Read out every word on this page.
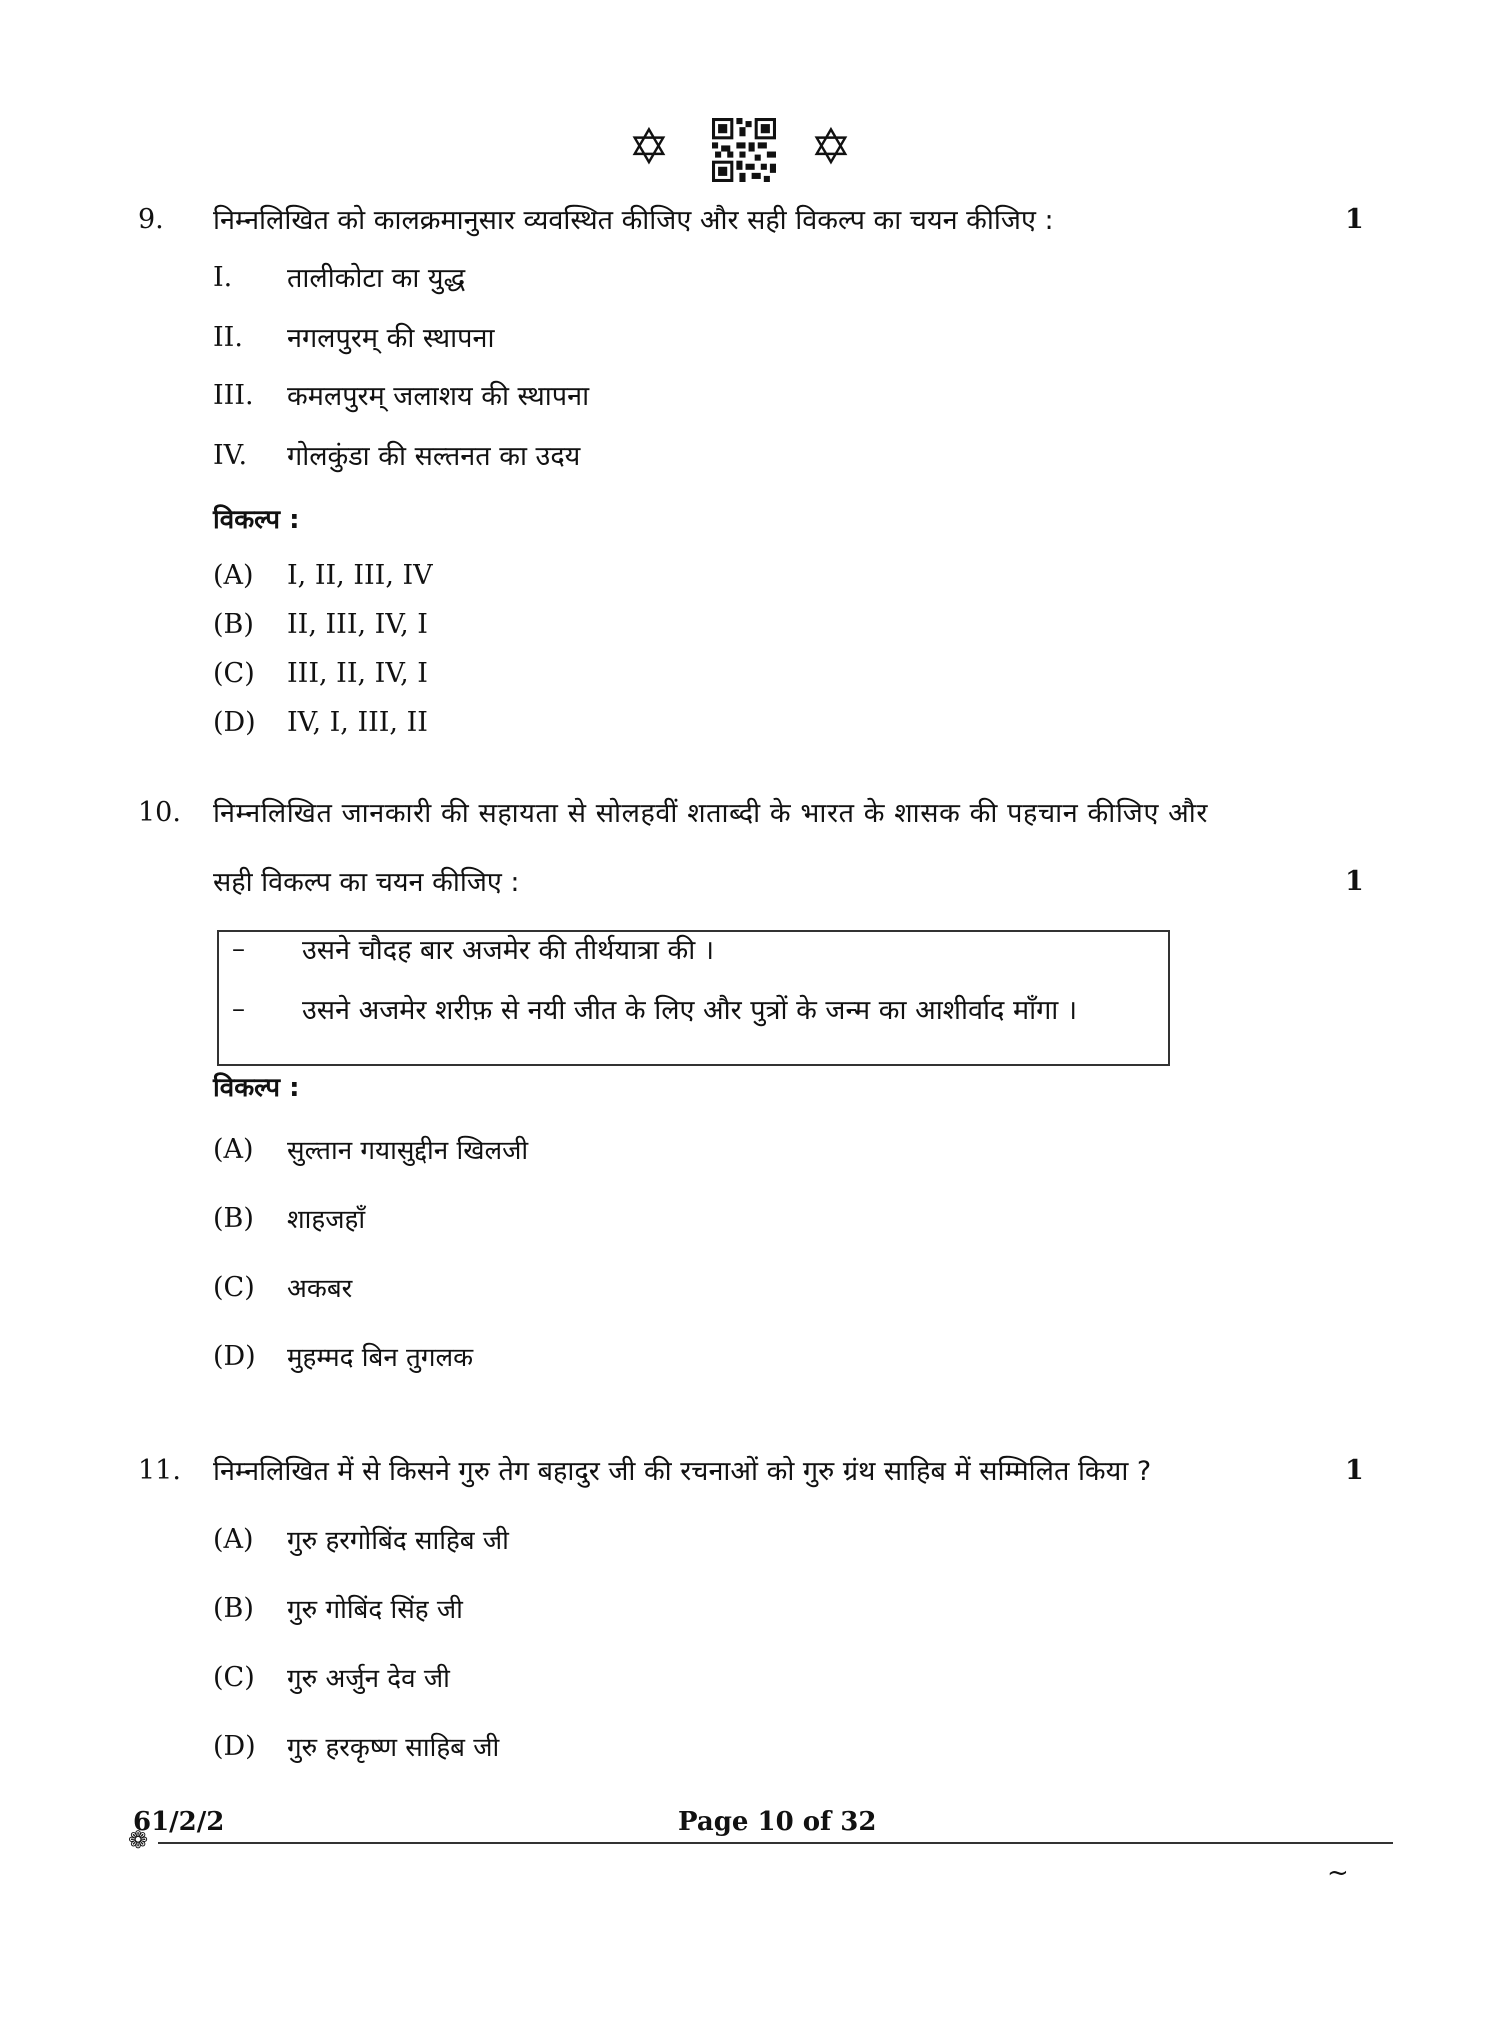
✡	✡
9. निम्नलिखित को कालक्रमानुसार व्यवस्थित कीजिए और सही विकल्प का चयन कीजिए :	1
I. तालीकोटा का युद्ध
II. नगलपुरम् की स्थापना
III. कमलपुरम् जलाशय की स्थापना
IV. गोलकुंडा की सल्तनत का उदय
विकल्प :
(A) I, II, III, IV
(B) II, III, IV, I
(C) III, II, IV, I
(D) IV, I, III, II
10. निम्नलिखित जानकारी की सहायता से सोलहवीं शताब्दी के भारत के शासक की पहचान कीजिए और
सही विकल्प का चयन कीजिए :	1
– उसने चौदह बार अजमेर की तीर्थयात्रा की ।
– उसने अजमेर शरीफ़ से नयी जीत के लिए और पुत्रों के जन्म का आशीर्वाद माँगा ।
विकल्प :
(A) सुल्तान गयासुद्दीन खिलजी
(B) शाहजहाँ
(C) अकबर
(D) मुहम्मद बिन तुगलक
11. निम्नलिखित में से किसने गुरु तेग बहादुर जी की रचनाओं को गुरु ग्रंथ साहिब में सम्मिलित किया ?	1
(A) गुरु हरगोबिंद साहिब जी
(B) गुरु गोबिंद सिंह जी
(C) गुरु अर्जुन देव जी
(D) गुरु हरकृष्ण साहिब जी
61/2/2	Page 10 of 32
❁
~
